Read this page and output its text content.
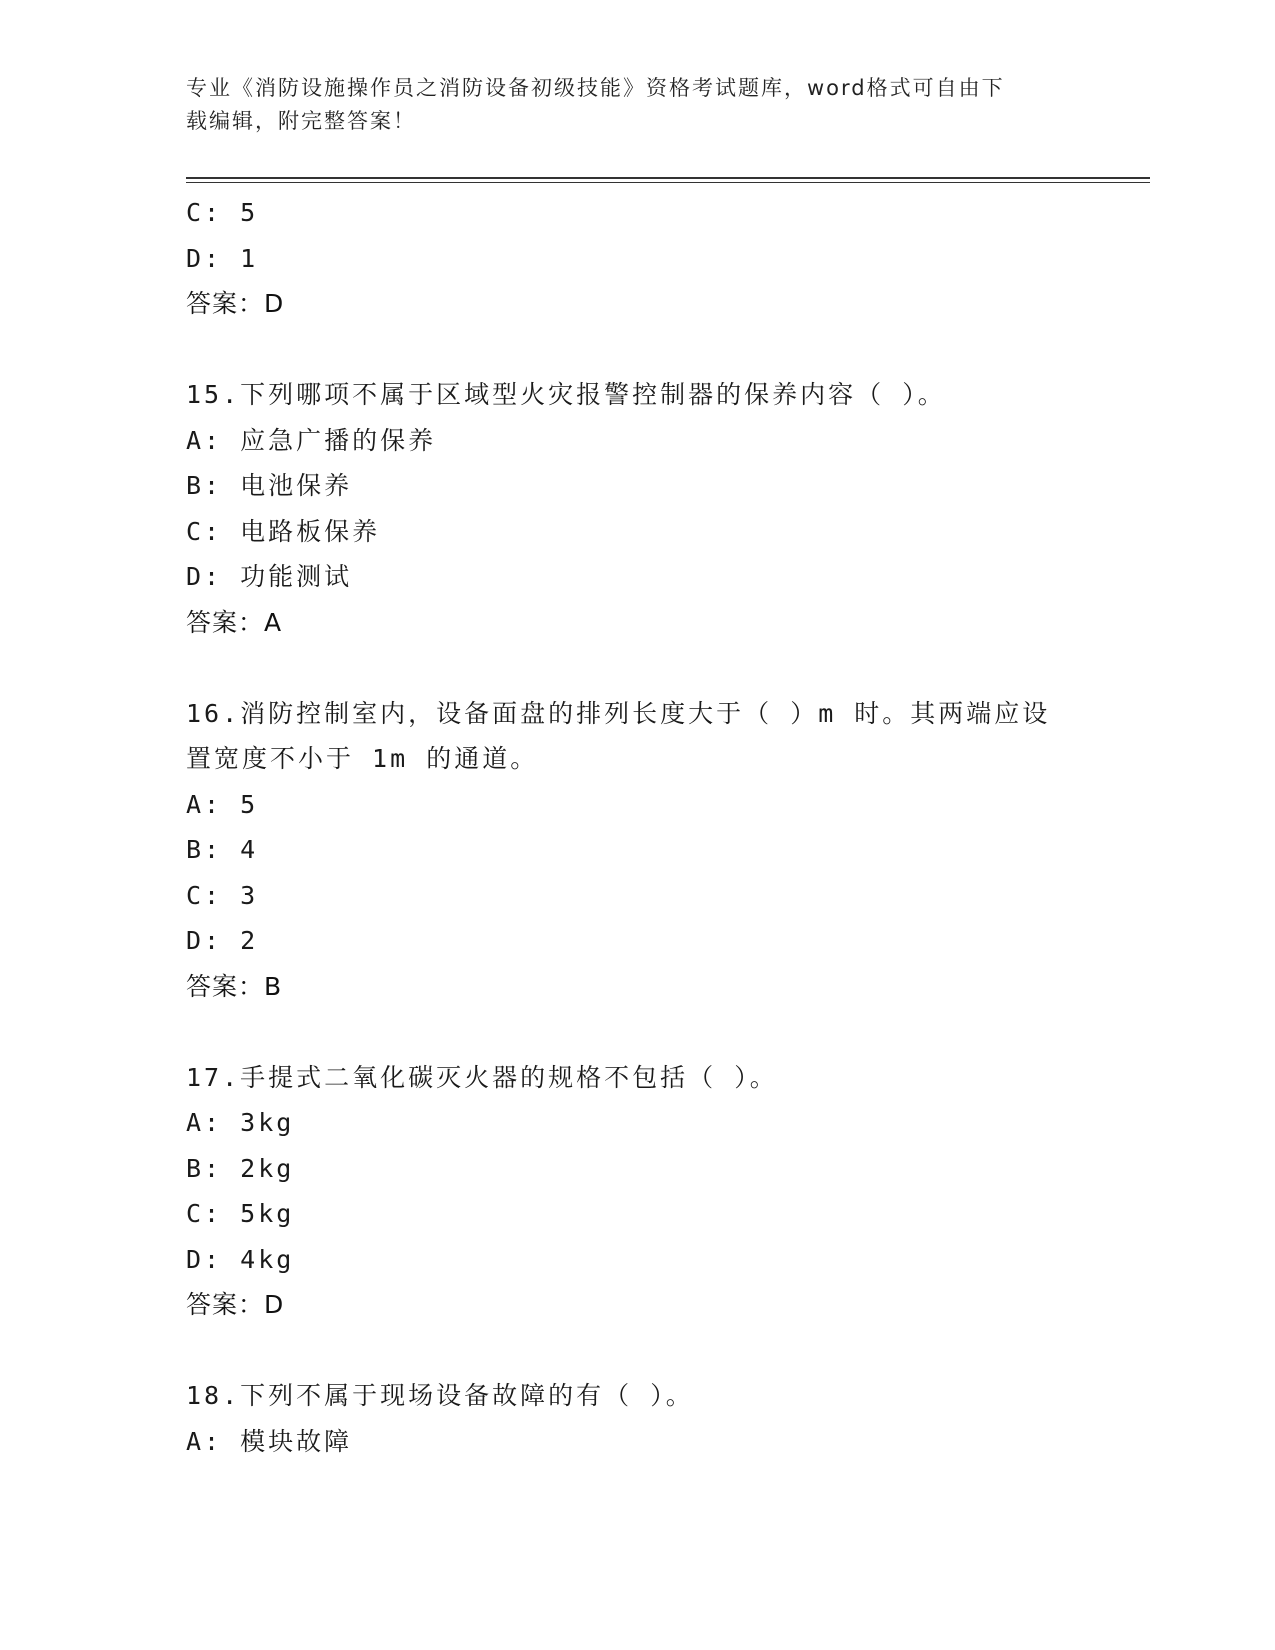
专业《消防设施操作员之消防设备初级技能》资格考试题库，word格式可自由下
载编辑，附完整答案！
C: 5
D: 1
答案：D
15.下列哪项不属于区域型火灾报警控制器的保养内容（ ）。
A: 应急广播的保养
B: 电池保养
C: 电路板保养
D: 功能测试
答案：A
16.消防控制室内，设备面盘的排列长度大于（ ）m 时。其两端应设
置宽度不小于 1m 的通道。
A: 5
B: 4
C: 3
D: 2
答案：B
17.手提式二氧化碳灭火器的规格不包括（ ）。
A: 3kg
B: 2kg
C: 5kg
D: 4kg
答案：D
18.下列不属于现场设备故障的有（ ）。
A: 模块故障
